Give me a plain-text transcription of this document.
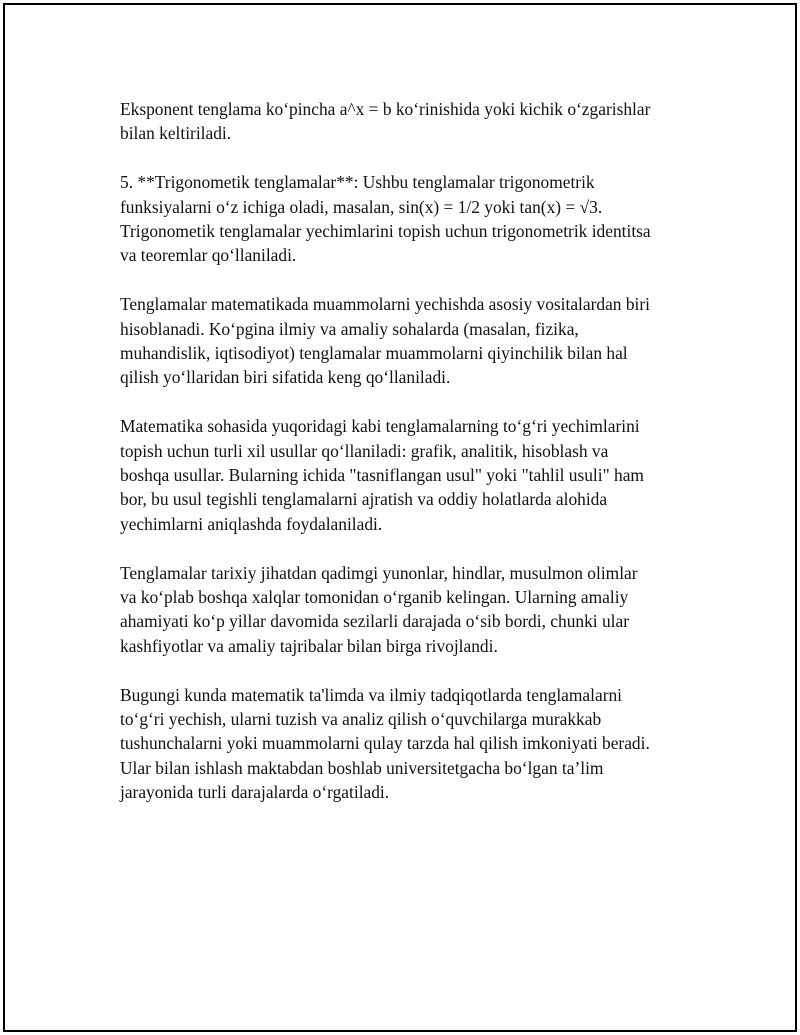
Eksponent tenglama ko‘pincha a^x = b ko‘rinishida yoki kichik o‘zgarishlar
bilan keltiriladi.

5. **Trigonometik tenglamalar**: Ushbu tenglamalar trigonometrik
funksiyalarni o‘z ichiga oladi, masalan, sin(x) = 1/2 yoki tan(x) = √3.
Trigonometik tenglamalar yechimlarini topish uchun trigonometrik identitsa
va teoremlar qo‘llaniladi.

Tenglamalar matematikada muammolarni yechishda asosiy vositalardan biri
hisoblanadi. Ko‘pgina ilmiy va amaliy sohalarda (masalan, fizika,
muhandislik, iqtisodiyot) tenglamalar muammolarni qiyinchilik bilan hal
qilish yo‘llaridan biri sifatida keng qo‘llaniladi.

Matematika sohasida yuqoridagi kabi tenglamalarning to‘g‘ri yechimlarini
topish uchun turli xil usullar qo‘llaniladi: grafik, analitik, hisoblash va
boshqa usullar. Bularning ichida "tasniflangan usul" yoki "tahlil usuli" ham
bor, bu usul tegishli tenglamalarni ajratish va oddiy holatlarda alohida
yechimlarni aniqlashda foydalaniladi.

Tenglamalar tarixiy jihatdan qadimgi yunonlar, hindlar, musulmon olimlar
va ko‘plab boshqa xalqlar tomonidan o‘rganib kelingan. Ularning amaliy
ahamiyati ko‘p yillar davomida sezilarli darajada o‘sib bordi, chunki ular
kashfiyotlar va amaliy tajribalar bilan birga rivojlandi.

Bugungi kunda matematik ta'limda va ilmiy tadqiqotlarda tenglamalarni
to‘g‘ri yechish, ularni tuzish va analiz qilish o‘quvchilarga murakkab
tushunchalarni yoki muammolarni qulay tarzda hal qilish imkoniyati beradi.
Ular bilan ishlash maktabdan boshlab universitetgacha bo‘lgan ta’lim
jarayonida turli darajalarda o‘rgatiladi.
